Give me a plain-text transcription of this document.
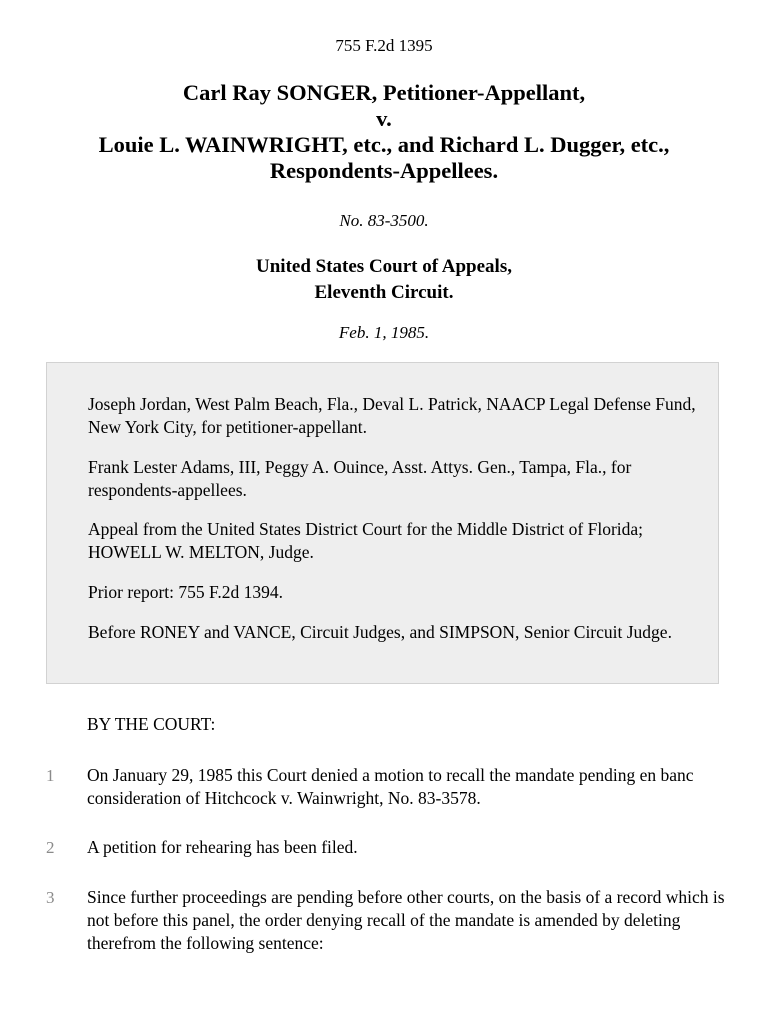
755 F.2d 1395
Carl Ray SONGER, Petitioner-Appellant,
v.
Louie L. WAINWRIGHT, etc., and Richard L. Dugger, etc.,
Respondents-Appellees.
No. 83-3500.
United States Court of Appeals,
Eleventh Circuit.
Feb. 1, 1985.

Joseph Jordan, West Palm Beach, Fla., Deval L. Patrick, NAACP Legal Defense Fund, New York City, for petitioner-appellant.

Frank Lester Adams, III, Peggy A. Ouince, Asst. Attys. Gen., Tampa, Fla., for respondents-appellees.

Appeal from the United States District Court for the Middle District of Florida; HOWELL W. MELTON, Judge.

Prior report: 755 F.2d 1394.

Before RONEY and VANCE, Circuit Judges, and SIMPSON, Senior Circuit Judge.

BY THE COURT:
1 On January 29, 1985 this Court denied a motion to recall the mandate pending en banc consideration of Hitchcock v. Wainwright, No. 83-3578.
2 A petition for rehearing has been filed.
3 Since further proceedings are pending before other courts, on the basis of a record which is not before this panel, the order denying recall of the mandate is amended by deleting therefrom the following sentence:
